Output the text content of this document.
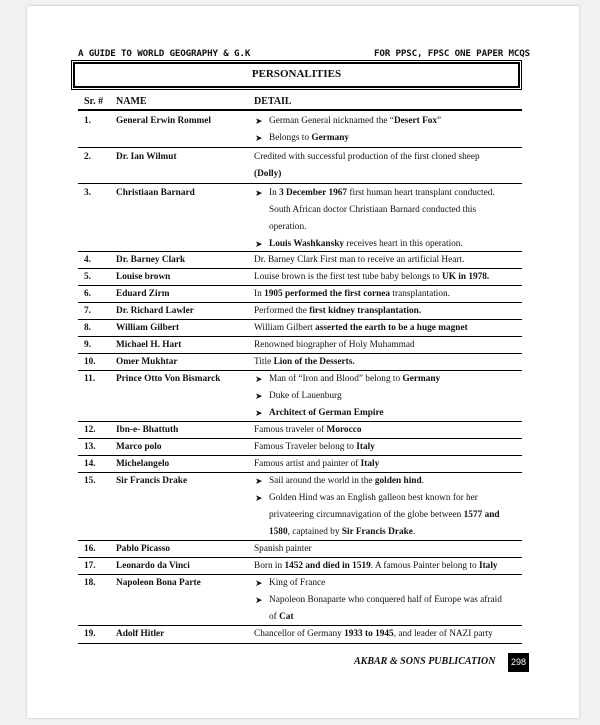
A GUIDE TO WORLD GEOGRAPHY & G.K	FOR PPSC, FPSC ONE PAPER MCQS
PERSONALITIES
Sr. # NAME	DETAIL
1.	General Erwin Rommel	➤ German General nicknamed the “Desert Fox”
➤ Belongs to Germany
2.	Dr. Ian Wilmut	Credited with successful production of the first cloned sheep
(Dolly)
3.	Christiaan Barnard	➤ In 3 December 1967 first human heart transplant conducted.
South African doctor Christiaan Barnard conducted this
operation.
➤ Louis Washkansky receives heart in this operation.
4.	Dr. Barney Clark	Dr. Barney Clark First man to receive an artificial Heart.
5.	Louise brown	Louise brown is the first test tube baby belongs to UK in 1978.
6.	Eduard Zirm	In 1905 performed the first cornea transplantation.
7.	Dr. Richard Lawler	Performed the first kidney transplantation.
8.	William Gilbert	William Gilbert asserted the earth to be a huge magnet
9.	Michael H. Hart	Renowned biographer of Holy Muhammad
10. Omer Mukhtar	Title Lion of the Desserts.
11. Prince Otto Von Bismarck	➤ Man of “Iron and Blood” belong to Germany
➤ Duke of Lauenburg
➤ Architect of German Empire
12. Ibn-e- Bhattuth	Famous traveler of Morocco
13. Marco polo	Famous Traveler belong to Italy
14. Michelangelo	Famous artist and painter of Italy
15. Sir Francis Drake	➤ Sail around the world in the golden hind.
➤ Golden Hind was an English galleon best known for her
privateering circumnavigation of the globe between 1577 and
1580, captained by Sir Francis Drake.
16. Pablo Picasso	Spanish painter
17. Leonardo da Vinci	Born in 1452 and died in 1519. A famous Painter belong to Italy
18. Napoleon Bona Parte	➤ King of France
➤ Napoleon Bonaparte who conquered half of Europe was afraid
of Cat
19. Adolf Hitler	Chancellor of Germany 1933 to 1945, and leader of NAZI party
AKBAR & SONS PUBLICATION	298
